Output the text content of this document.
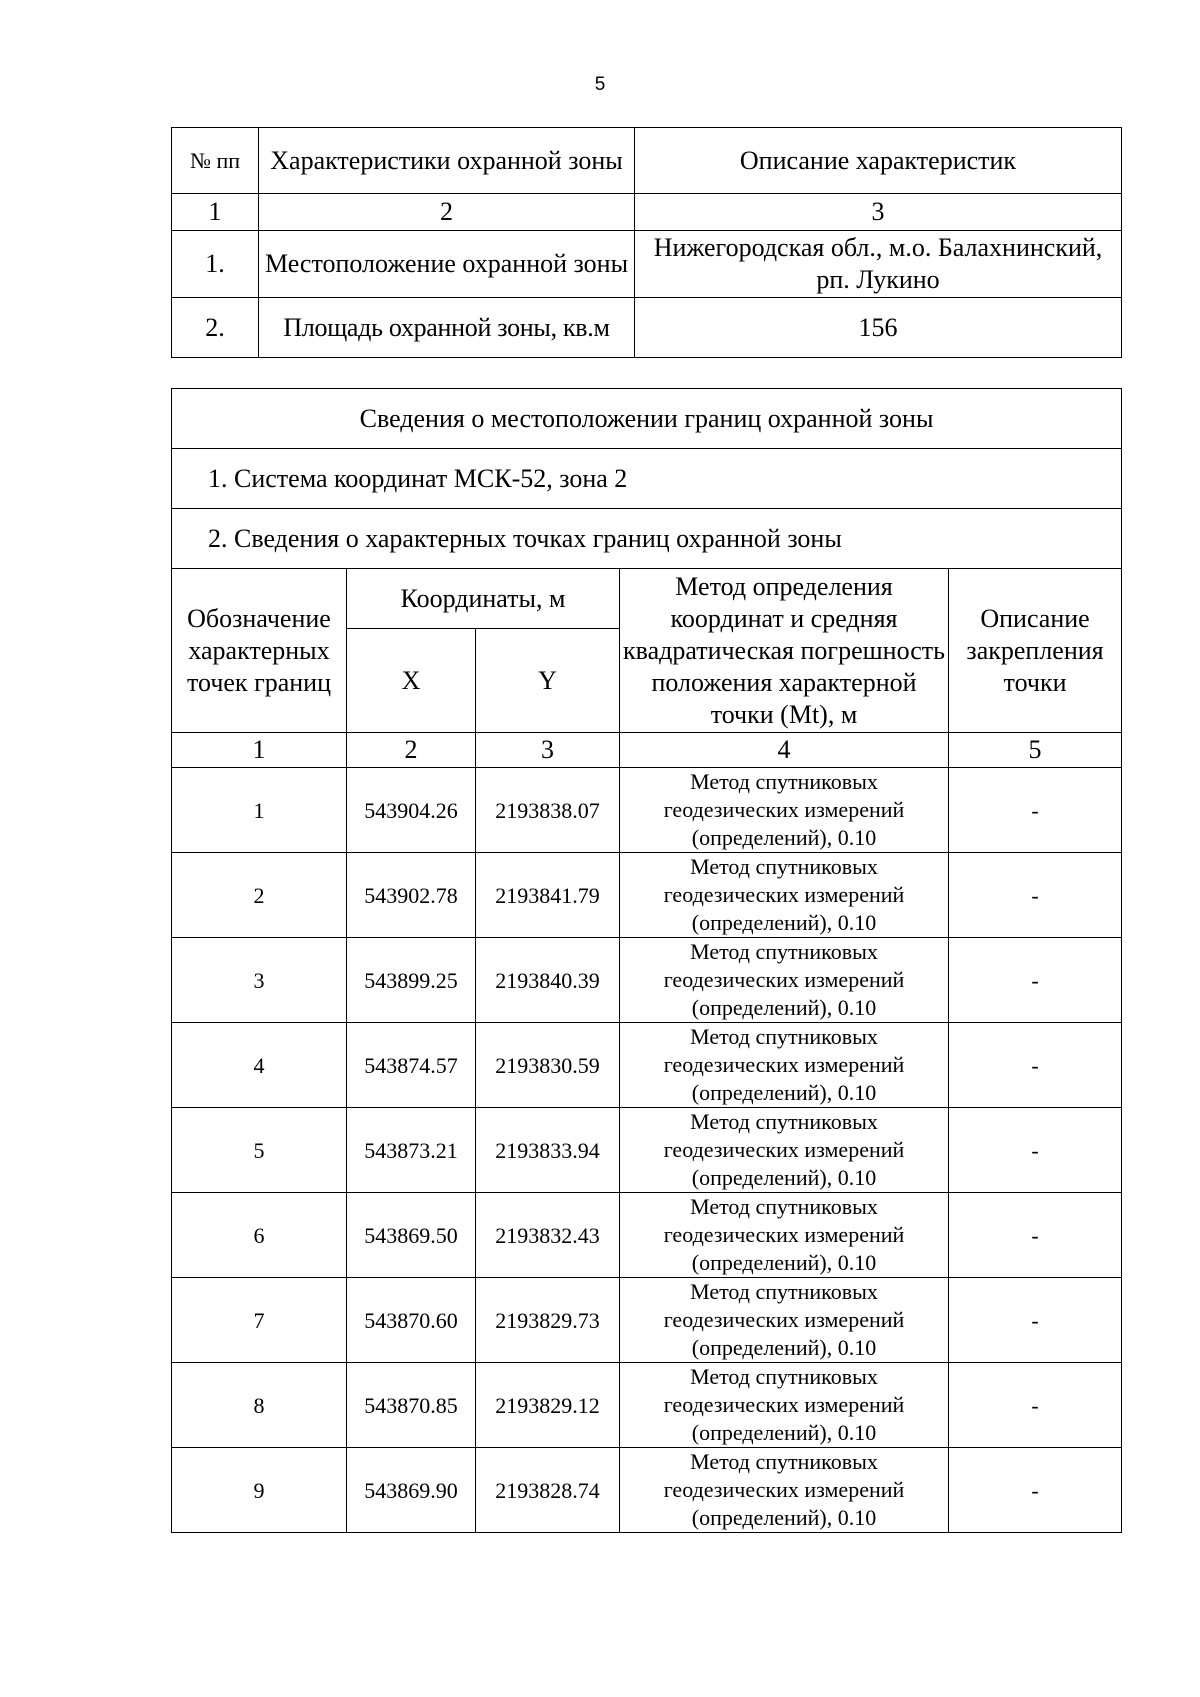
5
№ пп	Характеристики охранной зоны	Описание характеристик
1	2	3
1.	Местоположение охранной зоны	Нижегородская обл., м.о. Балахнинский, рп. Лукино
2.	Площадь охранной зоны, кв.м	156
Сведения о местоположении границ охранной зоны				
1. Система координат МСК-52, зона 2				
2. Сведения о характерных точках границ охранной зоны				
Обозначение характерных точек границ	Координаты, м		Метод определения координат и средняя квадратическая погрешность положения характерной точки (Mt), м	Описание закрепления точки
	X	Y		
1	2	3	4	5
1	543904.26	2193838.07	Метод спутниковых геодезических измерений (определений), 0.10	-
2	543902.78	2193841.79	Метод спутниковых геодезических измерений (определений), 0.10	-
3	543899.25	2193840.39	Метод спутниковых геодезических измерений (определений), 0.10	-
4	543874.57	2193830.59	Метод спутниковых геодезических измерений (определений), 0.10	-
5	543873.21	2193833.94	Метод спутниковых геодезических измерений (определений), 0.10	-
6	543869.50	2193832.43	Метод спутниковых геодезических измерений (определений), 0.10	-
7	543870.60	2193829.73	Метод спутниковых геодезических измерений (определений), 0.10	-
8	543870.85	2193829.12	Метод спутниковых геодезических измерений (определений), 0.10	-
9	543869.90	2193828.74	Метод спутниковых геодезических измерений (определений), 0.10	-
